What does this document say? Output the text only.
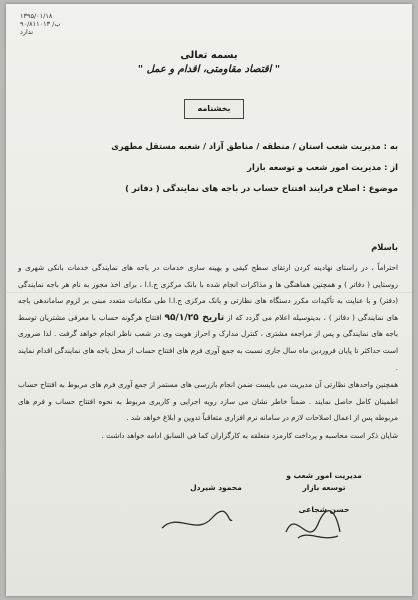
۱۳۹۵/۰۱/۱۸
۹۰/۸۱۱۰۱۳ /ب
ندارد
بسمه تعالی
" اقتصاد مقاومتی، اقدام و عمل "
بخشنامه
به : مدیریت شعب استان / منطقه / مناطق آزاد / شعبه مستقل مطهری
از : مدیریت امور شعب و توسعه بازار
موضوع : اصلاح فرایند افتتاح حساب در باجه های نمایندگی ( دفاتر )
باسلام

احتراماً ، در راستای نهادینه کردن ارتقای سطح کیفی و بهینه سازی خدمات در باجه های نمایندگی خدمات بانکی شهری و روستایی ( دفاتر ) و همچنین هماهنگی ها و مذاکرات انجام شده با بانک مرکزی ج.ا.ا ، برای اخذ مجوز به نام هر باجه نمایندگی (دفتر) و با عنایت به تأکیدات مکرر دستگاه های نظارتی و بانک مرکزی ج.ا.ا طی مکاتبات متعدد مبنی بر لزوم ساماندهی باجه های نمایندگی ( دفاتر ) ، بدینوسیله اعلام می گردد که از تاریخ ۹۵/۱/۲۵ افتتاح هرگونه حساب با معرفی مشتریان توسط باجه های نمایندگی و پس از مراجعه مشتری ، کنترل مدارک و احراز هویت وی در شعب ناظر انجام خواهد گرفت . لذا ضروری است حداکثر تا پایان فروردین ماه سال جاری نسبت به جمع آوری فرم های افتتاح حساب از محل باجه های نمایندگی اقدام نمایند .

همچنین واحدهای نظارتی آن مدیریت می بایست ضمن انجام بازرسی های مستمر از جمع آوری فرم های مربوط به افتتاح حساب اطمینان کامل حاصل نمایند . ضمناً خاطر نشان می سازد رویه اجرایی و کاربری مربوط به نحوه افتتاح حساب و فرم های مربوطه پس از اعمال اصلاحات لازم در سامانه نرم افزاری متعاقباً تدوین و ابلاغ خواهد شد .

شایان ذکر است محاسبه و پرداخت کارمزد متعلقه به کارگزاران کما فی السابق ادامه خواهد داشت .

مدیریت امور شعب و توسعه بازار
حسن شجاعی
محمود شیردل
